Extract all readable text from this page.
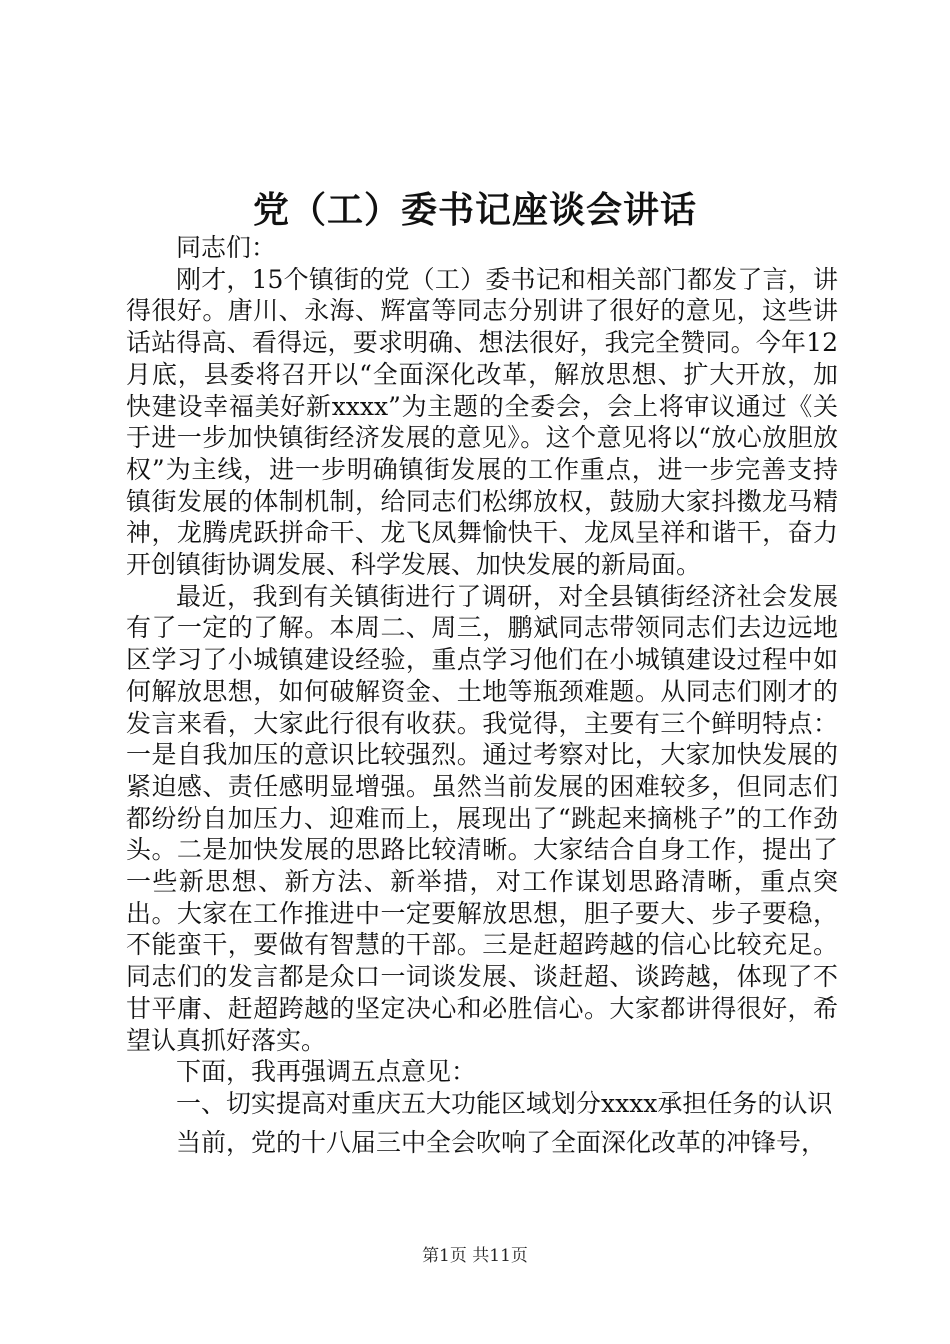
党（工）委书记座谈会讲话

同志们：

刚才，15个镇街的党（工）委书记和相关部门都发了言，讲得很好。唐川、永海、辉富等同志分别讲了很好的意见，这些讲话站得高、看得远，要求明确、想法很好，我完全赞同。今年12月底，县委将召开以“全面深化改革，解放思想、扩大开放，加快建设幸福美好新xxxx”为主题的全委会，会上将审议通过《关于进一步加快镇街经济发展的意见》。这个意见将以“放心放胆放权”为主线，进一步明确镇街发展的工作重点，进一步完善支持镇街发展的体制机制，给同志们松绑放权，鼓励大家抖擞龙马精神，龙腾虎跃拼命干、龙飞凤舞愉快干、龙凤呈祥和谐干，奋力开创镇街协调发展、科学发展、加快发展的新局面。

最近，我到有关镇街进行了调研，对全县镇街经济社会发展有了一定的了解。本周二、周三，鹏斌同志带领同志们去边远地区学习了小城镇建设经验，重点学习他们在小城镇建设过程中如何解放思想，如何破解资金、土地等瓶颈难题。从同志们刚才的发言来看，大家此行很有收获。我觉得，主要有三个鲜明特点：一是自我加压的意识比较强烈。通过考察对比，大家加快发展的紧迫感、责任感明显增强。虽然当前发展的困难较多，但同志们都纷纷自加压力、迎难而上，展现出了“跳起来摘桃子”的工作劲头。二是加快发展的思路比较清晰。大家结合自身工作，提出了一些新思想、新方法、新举措，对工作谋划思路清晰，重点突出。大家在工作推进中一定要解放思想，胆子要大、步子要稳，不能蛮干，要做有智慧的干部。三是赶超跨越的信心比较充足。同志们的发言都是众口一词谈发展、谈赶超、谈跨越，体现了不甘平庸、赶超跨越的坚定决心和必胜信心。大家都讲得很好，希望认真抓好落实。

下面，我再强调五点意见：

一、切实提高对重庆五大功能区域划分xxxx承担任务的认识

当前，党的十八届三中全会吹响了全面深化改革的冲锋号，

第1页 共11页
